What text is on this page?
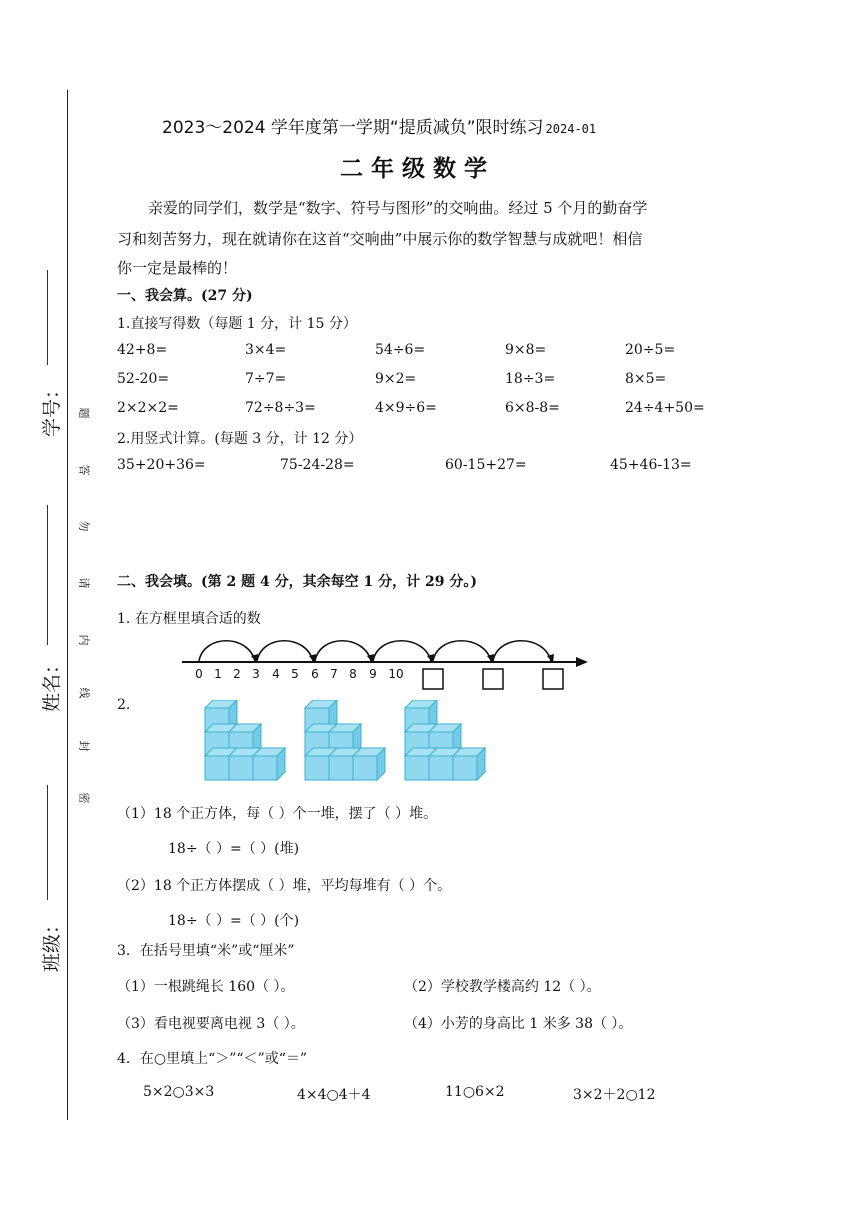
学号：
姓名：
班级：
题
答
勿
请
内
线
封
密
2023～2024 学年度第一学期“提质减负”限时练习 2024-01
二 年 级 数 学
亲爱的同学们，数学是“数字、符号与图形”的交响曲。经过 5 个月的勤奋学
习和刻苦努力，现在就请你在这首“交响曲”中展示你的数学智慧与成就吧！相信
你一定是最棒的！
一、我会算。(27 分)
1.直接写得数（每题 1 分，计 15 分）
42+8=	3×4=	54÷6=	9×8=	20÷5=
52-20=	7÷7=	9×2=	18÷3=	8×5=
2×2×2=	72÷8÷3=	4×9÷6=	6×8-8=	24÷4+50=
2.用竖式计算。(每题 3 分，计 12 分）
35+20+36=	75-24-28=	60-15+27=	45+46-13=
二、我会填。(第 2 题 4 分，其余每空 1 分，计 29 分。)
1. 在方框里填合适的数
0 1 2 3 4 5 6 7 8 9 10
2.
（1）18 个正方体，每（ ）个一堆，摆了（ ）堆。
18÷（ ）=（ ）(堆)
（2）18 个正方体摆成（ ）堆，平均每堆有（ ）个。
18÷（ ）=（ ）(个)
3．在括号里填“米”或“厘米”
（1）一根跳绳长 160（ ）。	（2）学校教学楼高约 12（ ）。
（3）看电视要离电视 3（ ）。	（4）小芳的身高比 1 米多 38（ ）。
4．在○里填上“＞”“＜”或“＝”
5×2○3×3	4×4○4＋4	11○6×2	3×2＋2○12
